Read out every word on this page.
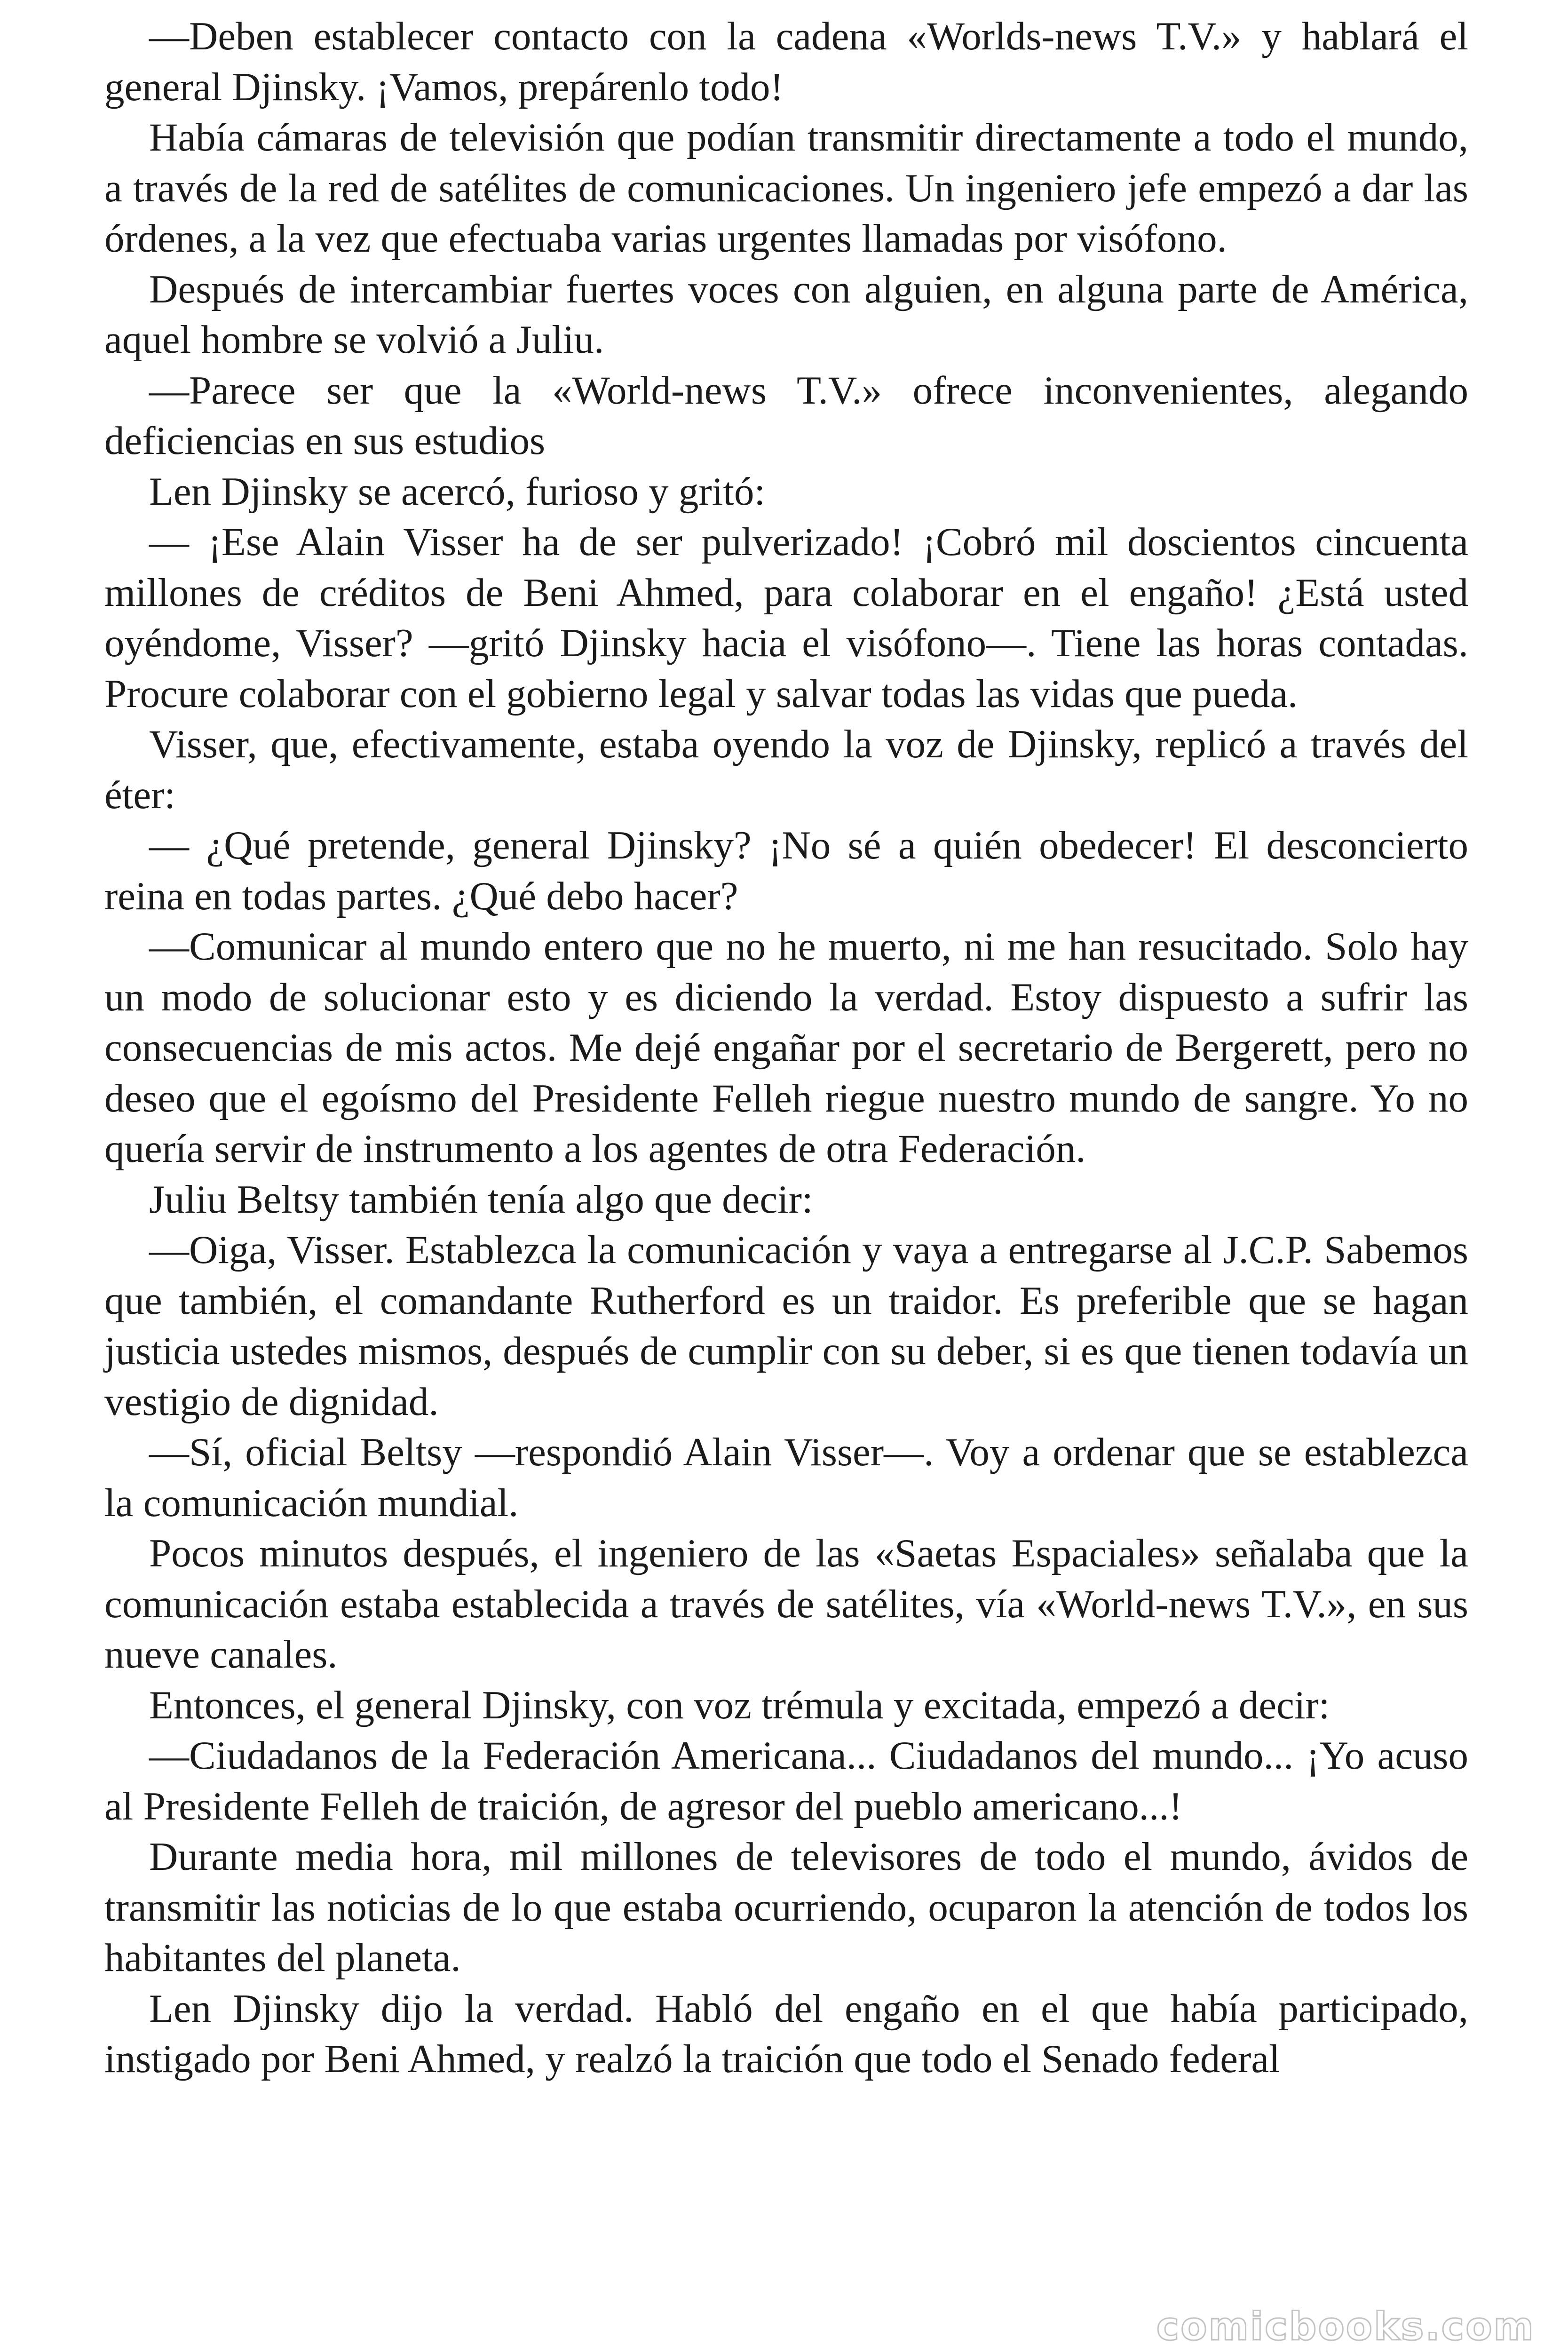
—Deben establecer contacto con la cadena «Worlds-news T.V.» y hablará el general Djinsky. ¡Vamos, prepárenlo todo!

Había cámaras de televisión que podían transmitir directamente a todo el mundo, a través de la red de satélites de comunicaciones. Un ingeniero jefe empezó a dar las órdenes, a la vez que efectuaba varias urgentes llamadas por visófono.

Después de intercambiar fuertes voces con alguien, en alguna parte de América, aquel hombre se volvió a Juliu.

—Parece ser que la «World-news T.V.» ofrece inconvenientes, alegando deficiencias en sus estudios

Len Djinsky se acercó, furioso y gritó:

— ¡Ese Alain Visser ha de ser pulverizado! ¡Cobró mil doscientos cincuenta millones de créditos de Beni Ahmed, para colaborar en el engaño! ¿Está usted oyéndome, Visser? —gritó Djinsky hacia el visófono—. Tiene las horas contadas. Procure colaborar con el gobierno legal y salvar todas las vidas que pueda.

Visser, que, efectivamente, estaba oyendo la voz de Djinsky, replicó a través del éter:

— ¿Qué pretende, general Djinsky? ¡No sé a quién obedecer! El desconcierto reina en todas partes. ¿Qué debo hacer?

—Comunicar al mundo entero que no he muerto, ni me han resucitado. Solo hay un modo de solucionar esto y es diciendo la verdad. Estoy dispuesto a sufrir las consecuencias de mis actos. Me dejé engañar por el secretario de Bergerett, pero no deseo que el egoísmo del Presidente Felleh riegue nuestro mundo de sangre. Yo no quería servir de instrumento a los agentes de otra Federación.

Juliu Beltsy también tenía algo que decir:

—Oiga, Visser. Establezca la comunicación y vaya a entregarse al J.C.P. Sabemos que también, el comandante Rutherford es un traidor. Es preferible que se hagan justicia ustedes mismos, después de cumplir con su deber, si es que tienen todavía un vestigio de dignidad.

—Sí, oficial Beltsy —respondió Alain Visser—. Voy a ordenar que se establezca la comunicación mundial.

Pocos minutos después, el ingeniero de las «Saetas Espaciales» señalaba que la comunicación estaba establecida a través de satélites, vía «World-news T.V.», en sus nueve canales.

Entonces, el general Djinsky, con voz trémula y excitada, empezó a decir:

—Ciudadanos de la Federación Americana... Ciudadanos del mundo... ¡Yo acuso al Presidente Felleh de traición, de agresor del pueblo americano...!

Durante media hora, mil millones de televisores de todo el mundo, ávidos de transmitir las noticias de lo que estaba ocurriendo, ocuparon la atención de todos los habitantes del planeta.

Len Djinsky dijo la verdad. Habló del engaño en el que había participado, instigado por Beni Ahmed, y realzó la traición que todo el Senado federal

comicbooks.com
